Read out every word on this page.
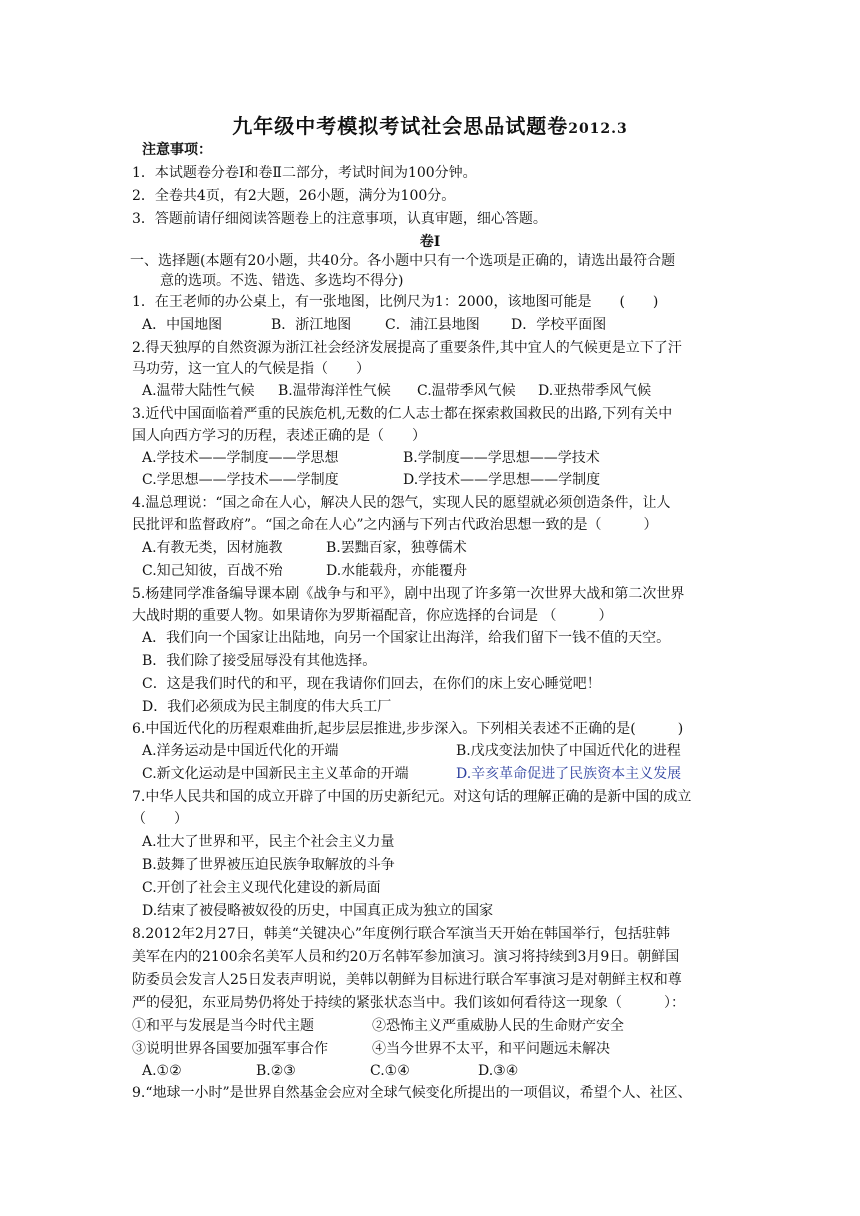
九年级中考模拟考试社会思品试题卷2012.3
注意事项：
1．本试题卷分卷Ⅰ和卷Ⅱ二部分，考试时间为100分钟。
2．全卷共4页，有2大题，26小题，满分为100分。
3．答题前请仔细阅读答题卷上的注意事项，认真审题，细心答题。
卷Ⅰ
一、选择题(本题有20小题，共40分。各小题中只有一个选项是正确的，请选出最符合题
意的选项。不选、错选、多选均不得分)
1．在王老师的办公桌上，有一张地图，比例尺为1：2000，该地图可能是　　(　　)
A．中国地图	B．浙江地图 C．浦江县地图 D．学校平面图
2.得天独厚的自然资源为浙江社会经济发展提高了重要条件,其中宜人的气候更是立下了汗
马功劳，这一宜人的气候是指（　　）
A.温带大陆性气候 B.温带海洋性气候 C.温带季风气候 D.亚热带季风气候
3.近代中国面临着严重的民族危机,无数的仁人志士都在探索救国救民的出路,下列有关中
国人向西方学习的历程，表述正确的是（　　）
A.学技术——学制度——学思想	B.学制度——学思想——学技术
C.学思想——学技术——学制度	D.学技术——学思想——学制度
4.温总理说：“国之命在人心，解决人民的怨气，实现人民的愿望就必须创造条件，让人
民批评和监督政府”。“国之命在人心”之内涵与下列古代政治思想一致的是（　　　）
A.有教无类，因材施教	B.罢黜百家，独尊儒术
C.知己知彼，百战不殆	D.水能载舟，亦能覆舟
5.杨建同学准备编导课本剧《战争与和平》，剧中出现了许多第一次世界大战和第二次世界
大战时期的重要人物。如果请你为罗斯福配音，你应选择的台词是 （　　　）
A．我们向一个国家让出陆地，向另一个国家让出海洋，给我们留下一钱不值的天空。
B．我们除了接受屈辱没有其他选择。
C．这是我们时代的和平，现在我请你们回去，在你们的床上安心睡觉吧！
D．我们必须成为民主制度的伟大兵工厂
6.中国近代化的历程艰难曲折,起步层层推进,步步深入。下列相关表述不正确的是(　　　)
A.洋务运动是中国近代化的开端	B.戊戌变法加快了中国近代化的进程
C.新文化运动是中国新民主主义革命的开端	D.辛亥革命促进了民族资本主义发展
7.中华人民共和国的成立开辟了中国的历史新纪元。对这句话的理解正确的是新中国的成立
（　　）
A.壮大了世界和平，民主个社会主义力量
B.鼓舞了世界被压迫民族争取解放的斗争
C.开创了社会主义现代化建设的新局面
D.结束了被侵略被奴役的历史，中国真正成为独立的国家
8.2012年2月27日，韩美“关键决心”年度例行联合军演当天开始在韩国举行，包括驻韩
美军在内的2100余名美军人员和约20万名韩军参加演习。演习将持续到3月9日。朝鲜国
防委员会发言人25日发表声明说，美韩以朝鲜为目标进行联合军事演习是对朝鲜主权和尊
严的侵犯，东亚局势仍将处于持续的紧张状态当中。我们该如何看待这一现象（　　　）：
①和平与发展是当今时代主题	②恐怖主义严重威胁人民的生命财产安全
③说明世界各国要加强军事合作	④当今世界不太平，和平问题远未解决
A.①②	B.②③	C.①④	D.③④
9.“地球一小时”是世界自然基金会应对全球气候变化所提出的一项倡议，希望个人、社区、
